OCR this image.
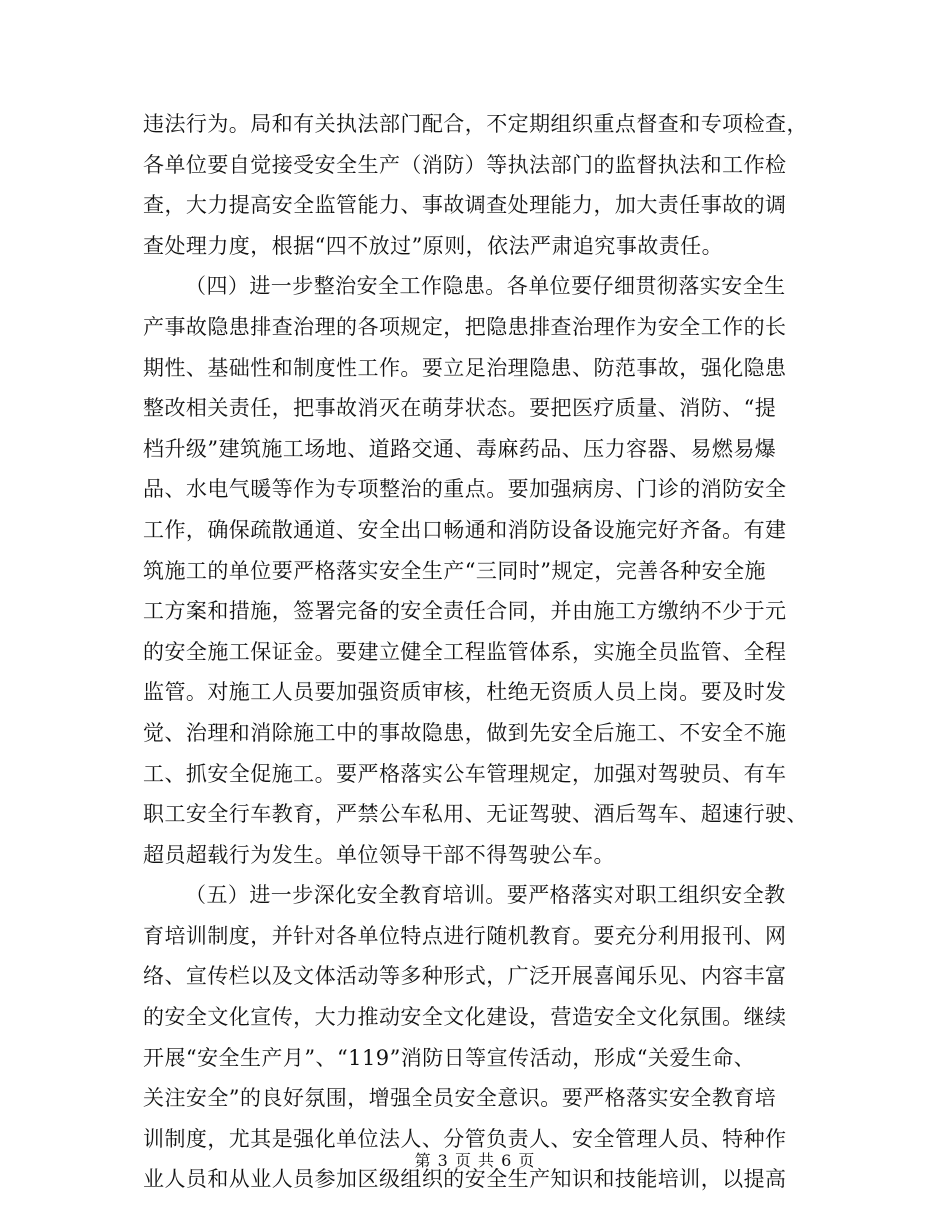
违法行为。局和有关执法部门配合，不定期组织重点督查和专项检查，
各单位要自觉接受安全生产（消防）等执法部门的监督执法和工作检
查，大力提高安全监管能力、事故调查处理能力，加大责任事故的调
查处理力度，根据“四不放过”原则，依法严肃追究事故责任。
（四）进一步整治安全工作隐患。各单位要仔细贯彻落实安全生
产事故隐患排查治理的各项规定，把隐患排查治理作为安全工作的长
期性、基础性和制度性工作。要立足治理隐患、防范事故，强化隐患
整改相关责任，把事故消灭在萌芽状态。要把医疗质量、消防、“提
档升级”建筑施工场地、道路交通、毒麻药品、压力容器、易燃易爆
品、水电气暖等作为专项整治的重点。要加强病房、门诊的消防安全
工作，确保疏散通道、安全出口畅通和消防设备设施完好齐备。有建
筑施工的单位要严格落实安全生产“三同时”规定，完善各种安全施
工方案和措施，签署完备的安全责任合同，并由施工方缴纳不少于元
的安全施工保证金。要建立健全工程监管体系，实施全员监管、全程
监管。对施工人员要加强资质审核，杜绝无资质人员上岗。要及时发
觉、治理和消除施工中的事故隐患，做到先安全后施工、不安全不施
工、抓安全促施工。要严格落实公车管理规定，加强对驾驶员、有车
职工安全行车教育，严禁公车私用、无证驾驶、酒后驾车、超速行驶、
超员超载行为发生。单位领导干部不得驾驶公车。
（五）进一步深化安全教育培训。要严格落实对职工组织安全教
育培训制度，并针对各单位特点进行随机教育。要充分利用报刊、网
络、宣传栏以及文体活动等多种形式，广泛开展喜闻乐见、内容丰富
的安全文化宣传，大力推动安全文化建设，营造安全文化氛围。继续
开展“安全生产月”、“119”消防日等宣传活动，形成“关爱生命、
关注安全”的良好氛围，增强全员安全意识。要严格落实安全教育培
训制度，尤其是强化单位法人、分管负责人、安全管理人员、特种作
业人员和从业人员参加区级组织的安全生产知识和技能培训，以提高
第 3 页 共 6 页
